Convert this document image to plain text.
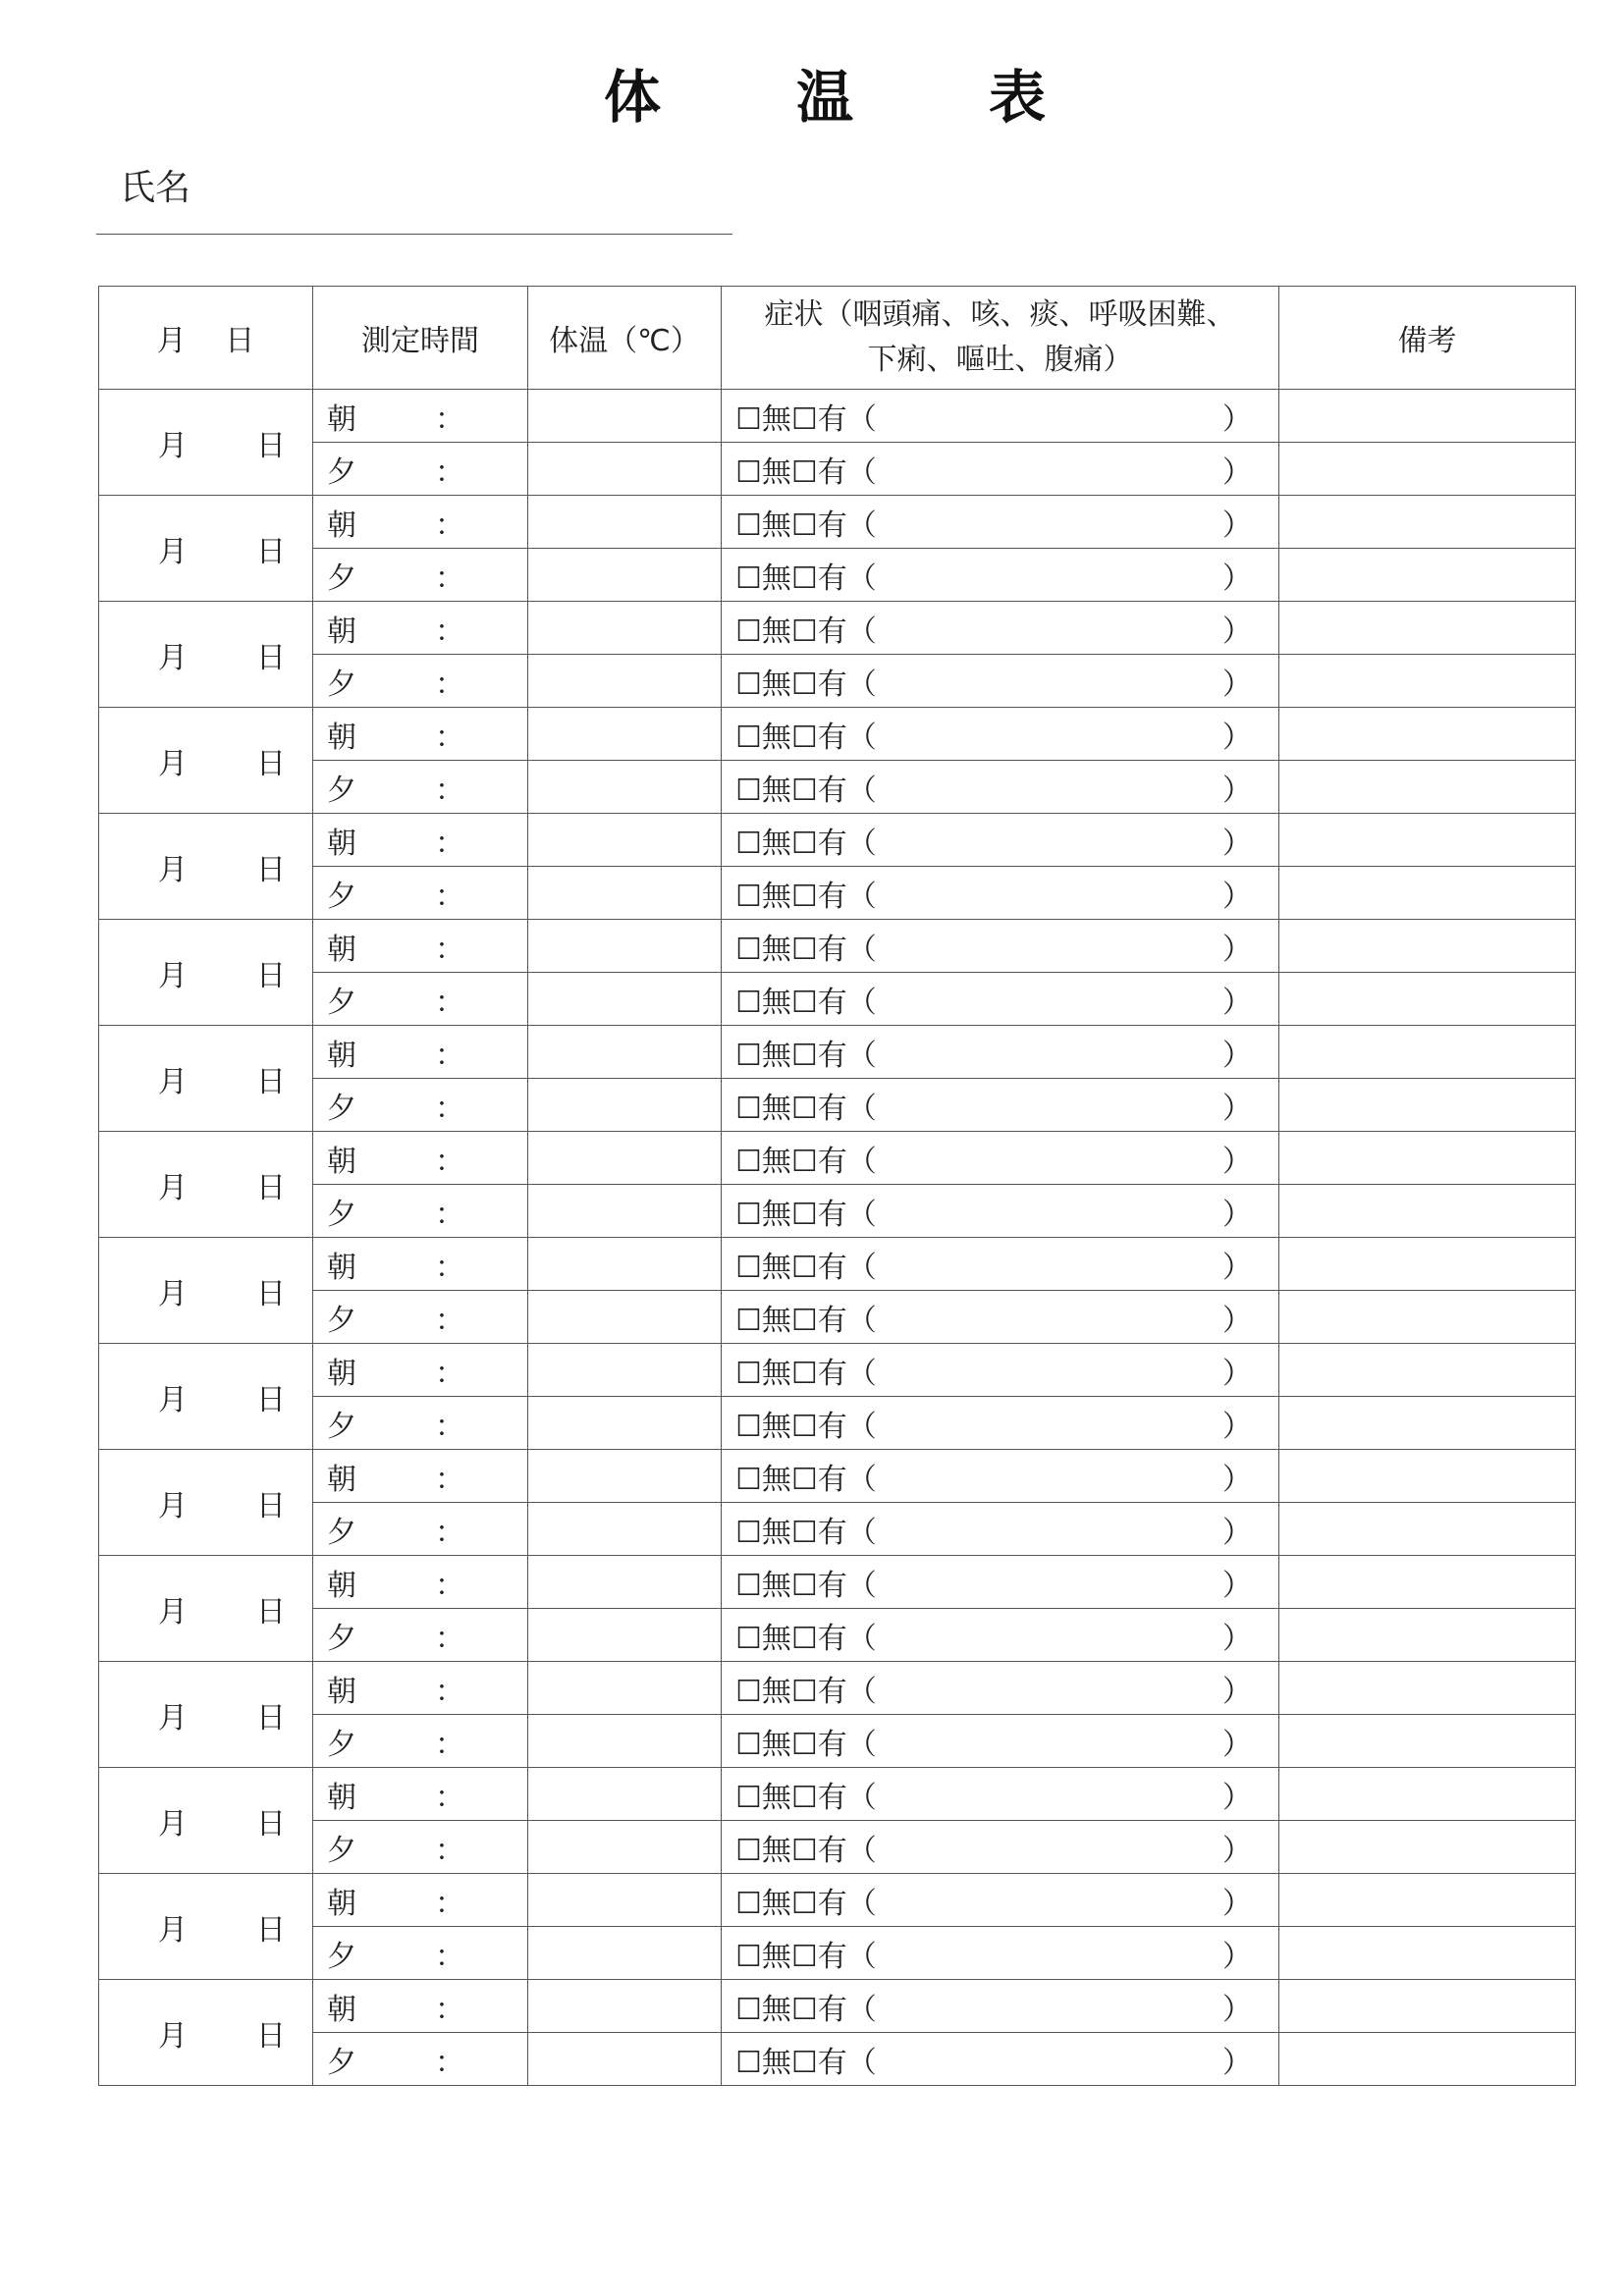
体　温　表
氏名
月　 日	測定時間	体温（℃）	症状（咽頭痛、咳、痰、呼吸困難、
下痢、嘔吐、腹痛）	備考

月 日	朝 ：		☐無☐有（ ）	

	夕 ：		☐無☐有（ ）	

月 日	朝 ：		☐無☐有（ ）	

	夕 ：		☐無☐有（ ）	

月 日	朝 ：		☐無☐有（ ）	

	夕 ：		☐無☐有（ ）	

月 日	朝 ：		☐無☐有（ ）	

	夕 ：		☐無☐有（ ）	

月 日	朝 ：		☐無☐有（ ）	

	夕 ：		☐無☐有（ ）	

月 日	朝 ：		☐無☐有（ ）	

	夕 ：		☐無☐有（ ）	

月 日	朝 ：		☐無☐有（ ）	

	夕 ：		☐無☐有（ ）	

月 日	朝 ：		☐無☐有（ ）	

	夕 ：		☐無☐有（ ）	

月 日	朝 ：		☐無☐有（ ）	

	夕 ：		☐無☐有（ ）	

月 日	朝 ：		☐無☐有（ ）	

	夕 ：		☐無☐有（ ）	

月 日	朝 ：		☐無☐有（ ）	

	夕 ：		☐無☐有（ ）	

月 日	朝 ：		☐無☐有（ ）	

	夕 ：		☐無☐有（ ）	

月 日	朝 ：		☐無☐有（ ）	

	夕 ：		☐無☐有（ ）	

月 日	朝 ：		☐無☐有（ ）	

	夕 ：		☐無☐有（ ）	

月 日	朝 ：		☐無☐有（ ）	

	夕 ：		☐無☐有（ ）	

月 日	朝 ：		☐無☐有（ ）	

	夕 ：		☐無☐有（ ）	
